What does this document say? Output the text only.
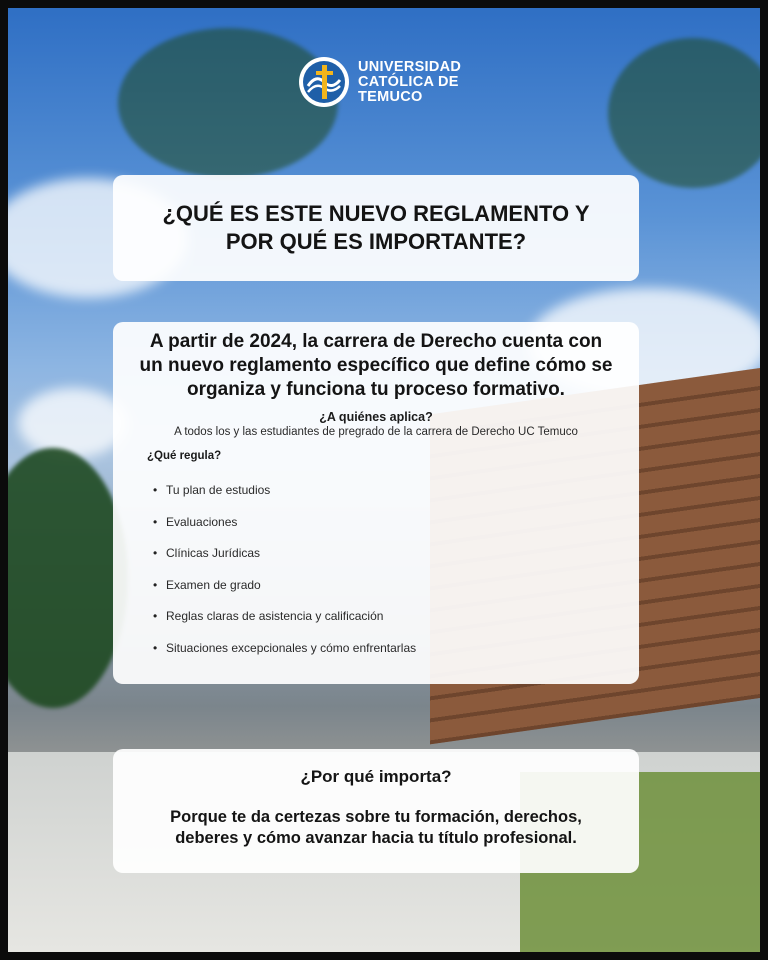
UNIVERSIDAD
CATÓLICA DE
TEMUCO
¿QUÉ ES ESTE NUEVO REGLAMENTO Y
POR QUÉ ES IMPORTANTE?

A partir de 2024, la carrera de Derecho cuenta con
un nuevo reglamento específico que define cómo se
organiza y funciona tu proceso formativo.

¿A quiénes aplica?

A todos los y las estudiantes de pregrado de la carrera de Derecho UC Temuco

¿Qué regula?

• Tu plan de estudios
• Evaluaciones
• Clínicas Jurídicas
• Examen de grado
• Reglas claras de asistencia y calificación
• Situaciones excepcionales y cómo enfrentarlas

¿Por qué importa?

Porque te da certezas sobre tu formación, derechos,
deberes y cómo avanzar hacia tu título profesional.
